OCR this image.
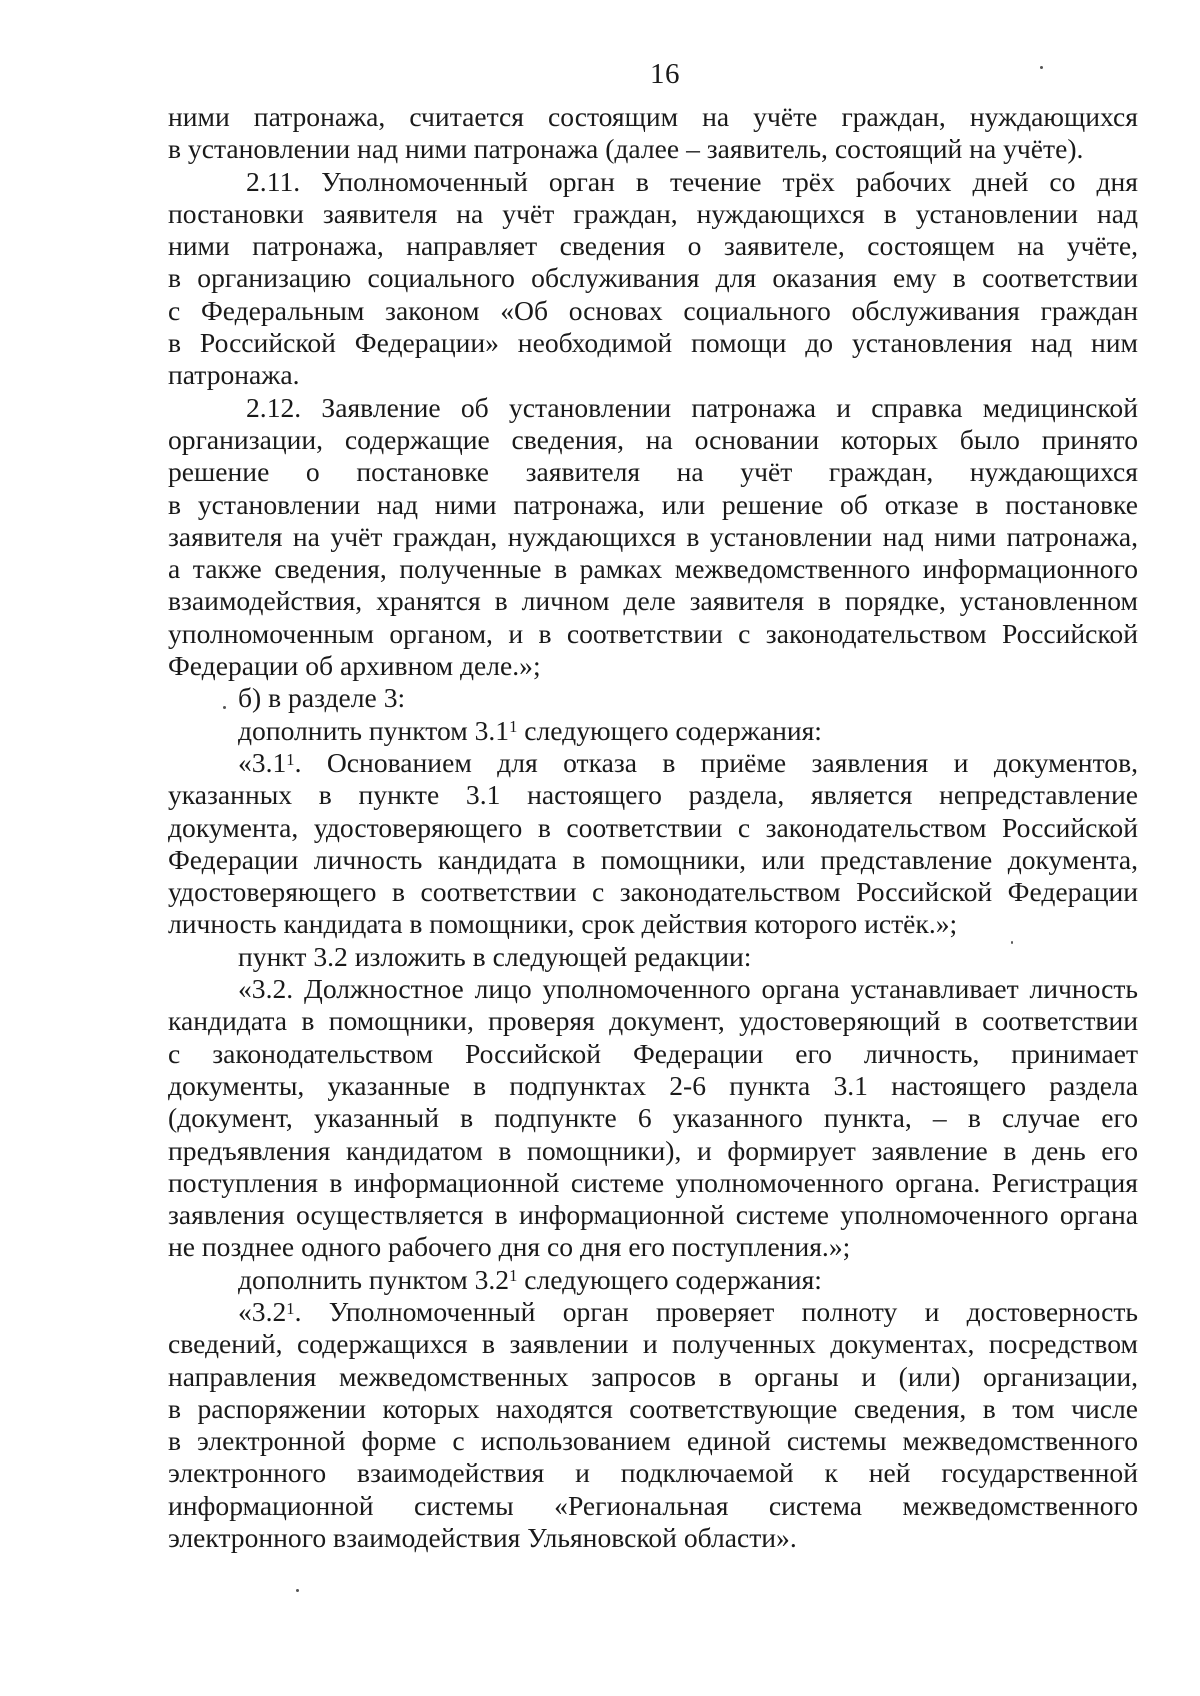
16
ними патронажа, считается состоящим на учёте граждан, нуждающихся
в установлении над ними патронажа (далее – заявитель, состоящий на учёте).
2.11. Уполномоченный орган в течение трёх рабочих дней со дня
постановки заявителя на учёт граждан, нуждающихся в установлении над
ними патронажа, направляет сведения о заявителе, состоящем на учёте,
в организацию социального обслуживания для оказания ему в соответствии
с Федеральным законом «Об основах социального обслуживания граждан
в Российской Федерации» необходимой помощи до установления над ним
патронажа.
2.12. Заявление об установлении патронажа и справка медицинской
организации, содержащие сведения, на основании которых было принято
решение о постановке заявителя на учёт граждан, нуждающихся
в установлении над ними патронажа, или решение об отказе в постановке
заявителя на учёт граждан, нуждающихся в установлении над ними патронажа,
а также сведения, полученные в рамках межведомственного информационного
взаимодействия, хранятся в личном деле заявителя в порядке, установленном
уполномоченным органом, и в соответствии с законодательством Российской
Федерации об архивном деле.»;
б) в разделе 3:
дополнить пунктом $3.1^1$ следующего содержания:
«$3.1^1$. Основанием для отказа в приёме заявления и документов,
указанных в пункте 3.1 настоящего раздела, является непредставление
документа, удостоверяющего в соответствии с законодательством Российской
Федерации личность кандидата в помощники, или представление документа,
удостоверяющего в соответствии с законодательством Российской Федерации
личность кандидата в помощники, срок действия которого истёк.»;
пункт 3.2 изложить в следующей редакции:
«3.2. Должностное лицо уполномоченного органа устанавливает личность
кандидата в помощники, проверяя документ, удостоверяющий в соответствии
с законодательством Российской Федерации его личность, принимает
документы, указанные в подпунктах 2-6 пункта 3.1 настоящего раздела
(документ, указанный в подпункте 6 указанного пункта, – в случае его
предъявления кандидатом в помощники), и формирует заявление в день его
поступления в информационной системе уполномоченного органа. Регистрация
заявления осуществляется в информационной системе уполномоченного органа
не позднее одного рабочего дня со дня его поступления.»;
дополнить пунктом $3.2^1$ следующего содержания:
«$3.2^1$. Уполномоченный орган проверяет полноту и достоверность
сведений, содержащихся в заявлении и полученных документах, посредством
направления межведомственных запросов в органы и (или) организации,
в распоряжении которых находятся соответствующие сведения, в том числе
в электронной форме с использованием единой системы межведомственного
электронного взаимодействия и подключаемой к ней государственной
информационной системы «Региональная система межведомственного
электронного взаимодействия Ульяновской области».
